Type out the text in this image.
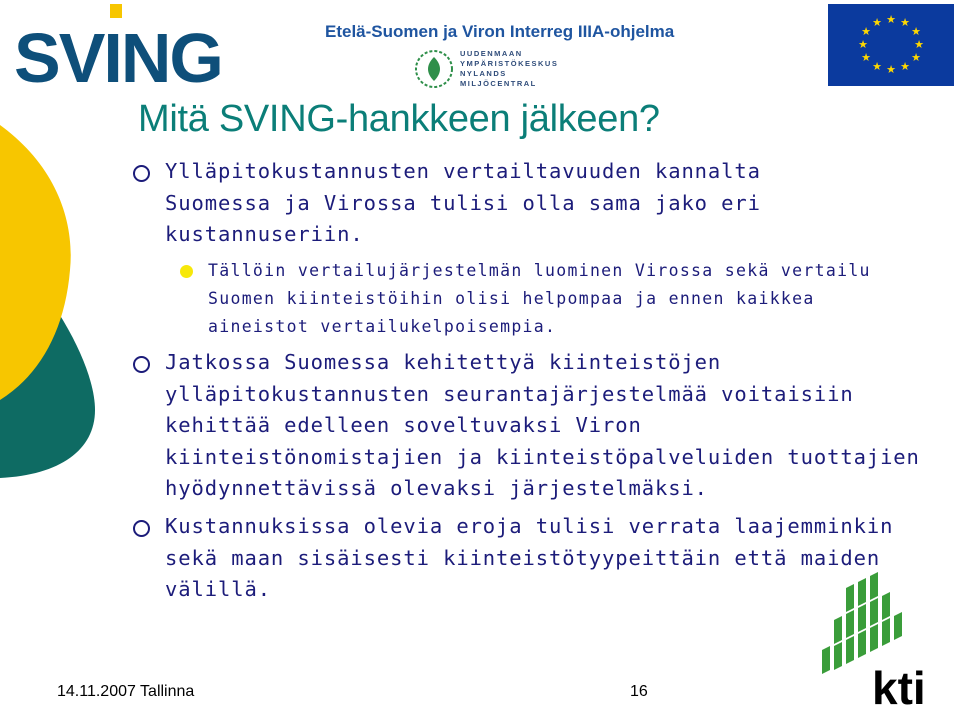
SVING	Etelä-Suomen ja Viron Interreg IIIA-ohjelma
UUDENMAAN
YMPÄRISTÖKESKUS
NYLANDS
MILJÖCENTRAL
★ ★
★
★
★
★
★
★
★
★
★
★
Mitä SVING-hankkeen jälkeen?
Ylläpitokustannusten vertailtavuuden kannalta
Suomessa ja Virossa tulisi olla sama jako eri
kustannuseriin.
Tällöin vertailujärjestelmän luominen Virossa sekä vertailu
Suomen kiinteistöihin olisi helpompaa ja ennen kaikkea
aineistot vertailukelpoisempia.
Jatkossa Suomessa kehitettyä kiinteistöjen
ylläpitokustannusten seurantajärjestelmää voitaisiin
kehittää edelleen soveltuvaksi Viron
kiinteistönomistajien ja kiinteistöpalveluiden tuottajien
hyödynnettävissä olevaksi järjestelmäksi.
Kustannuksissa olevia eroja tulisi verrata laajemminkin
sekä maan sisäisesti kiinteistötyypeittäin että maiden
välillä.
14.11.2007 Tallinna	16	kti
